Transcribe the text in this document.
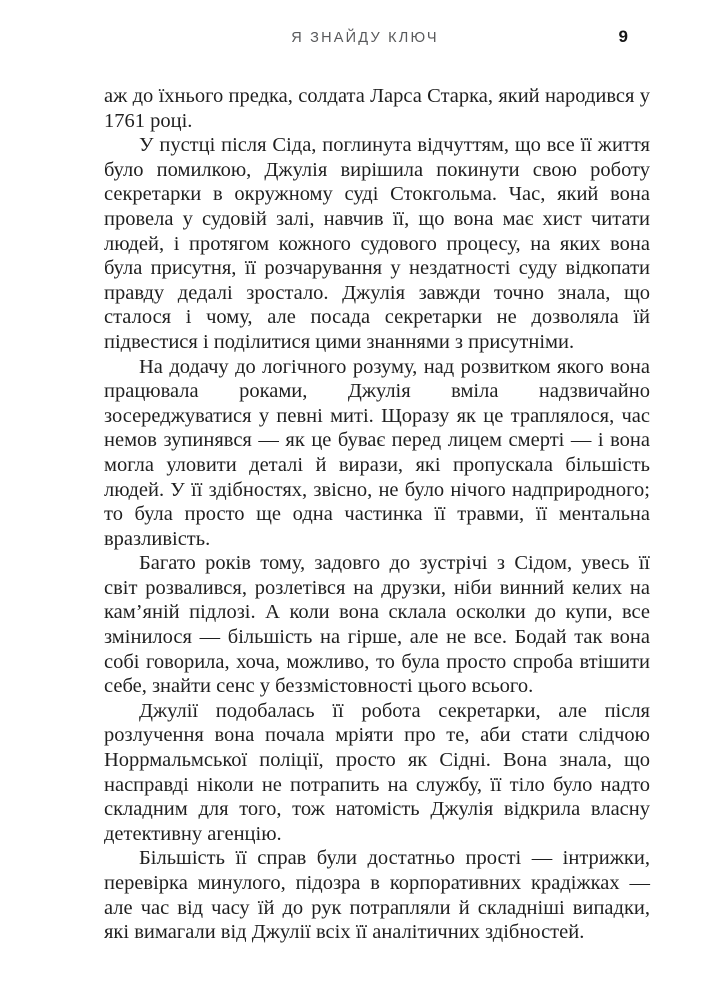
Я ЗНАЙДУ КЛЮЧ	9

аж до їхнього предка, солдата Ларса Старка, який народився у 1761 році.

У пустці після Сіда, поглинута відчуттям, що все її життя було помилкою, Джулія вирішила покинути свою роботу секретарки в окружному суді Стокгольма. Час, який вона провела у судовій залі, навчив її, що вона має хист читати людей, і протягом кожного судового процесу, на яких вона була присутня, її розчарування у нездатності суду відкопати правду дедалі зростало. Джулія завжди точно знала, що сталося і чому, але посада секретарки не дозволяла їй підвестися і поділитися цими знаннями з присутніми.

На додачу до логічного розуму, над розвитком якого вона працювала роками, Джулія вміла надзвичайно зосереджуватися у певні миті. Щоразу як це траплялося, час немов зупинявся — як це буває перед лицем смерті — і вона могла уловити деталі й вирази, які пропускала більшість людей. У її здібностях, звісно, не було нічого надприродного; то була просто ще одна частинка її травми, її ментальна вразливість.

Багато років тому, задовго до зустрічі з Сідом, увесь її світ розвалився, розлетівся на друзки, ніби винний келих на кам’яній підлозі. А коли вона склала осколки до купи, все змінилося — більшість на гірше, але не все. Бодай так вона собі говорила, хоча, можливо, то була просто спроба втішити себе, знайти сенс у беззмістовності цього всього.

Джулії подобалась її робота секретарки, але після розлучення вона почала мріяти про те, аби стати слідчою Норрмальмської поліції, просто як Сідні. Вона знала, що насправді ніколи не потрапить на службу, її тіло було надто складним для того, тож натомість Джулія відкрила власну детективну агенцію.

Більшість її справ були достатньо прості — інтрижки, перевірка минулого, підозра в корпоративних крадіжках — але час від часу їй до рук потрапляли й складніші випадки, які вимагали від Джулії всіх її аналітичних здібностей.
